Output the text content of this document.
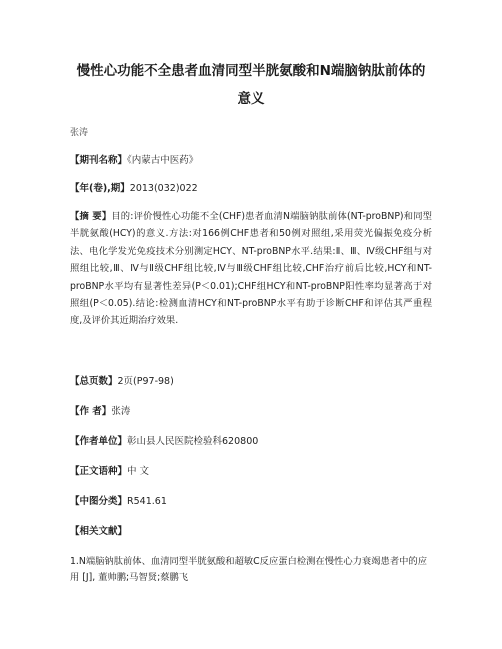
慢性心功能不全患者血清同型半胱氨酸和N端脑钠肽前体的
意义
张涛
【期刊名称】《内蒙古中医药》
【年(卷),期】2013(032)022
【摘 要】目的:评价慢性心功能不全(CHF)患者血清N端脑钠肽前体(NT-proBNP)和同型半胱氨酸(HCY)的意义.方法:对166例CHF患者和50例对照组,采用荧光偏振免疫分析法、电化学发光免疫技术分别测定HCY、NT-proBNP水平.结果:Ⅱ、Ⅲ、Ⅳ级CHF组与对照组比较,Ⅲ、Ⅳ与Ⅱ级CHF组比较,Ⅳ与Ⅲ级CHF组比较,CHF治疗前后比较,HCY和NT-proBNP水平均有显著性差异(P＜0.01);CHF组HCY和NT-proBNP阳性率均显著高于对照组(P＜0.05).结论:检测血清HCY和NT-proBNP水平有助于诊断CHF和评估其严重程度,及评价其近期治疗效果.
【总页数】2页(P97-98)
【作 者】张涛
【作者单位】彰山县人民医院检验科620800
【正文语种】中 文
【中图分类】R541.61
【相关文献】
1.N端脑钠肽前体、血清同型半胱氨酸和超敏C反应蛋白检测在慢性心力衰竭患者中的应用 [J], 董帅鹏;马智贤;蔡鹏飞
